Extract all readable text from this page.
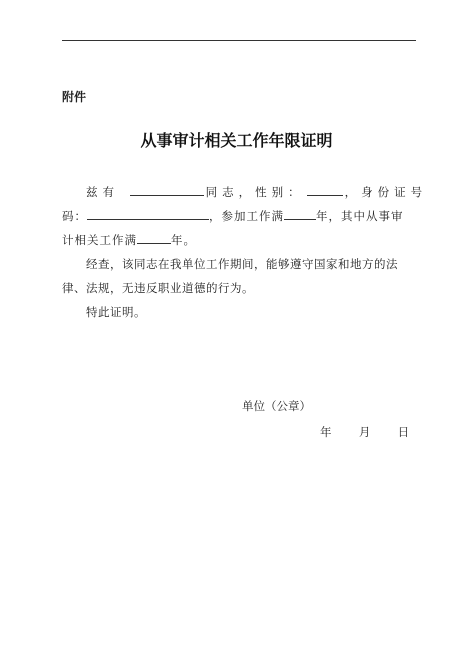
附件
从事审计相关工作年限证明
兹有	同志，性别：	，身份证号
码：	，参加工作满	年，其中从事审
计相关工作满	年。
经查，该同志在我单位工作期间，能够遵守国家和地方的法
律、法规，无违反职业道德的行为。
特此证明。
单位（公章）
年 月 日
